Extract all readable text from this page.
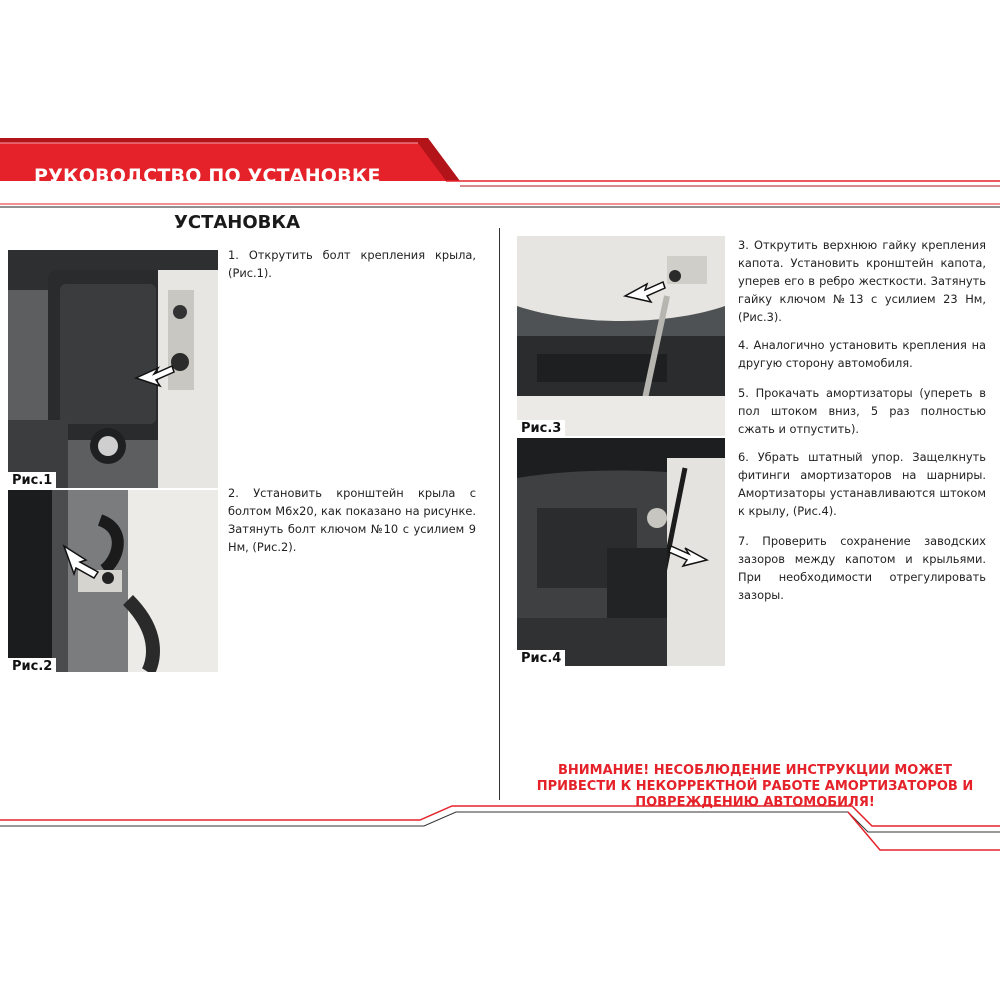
РУКОВОДСТВО ПО УСТАНОВКЕ
УСТАНОВКА
Рис.1
Рис.2
Рис.3
Рис.4
1. Открутить болт крепления крыла, (Рис.1).
2. Установить кронштейн крыла с болтом М6х20, как показано на рисунке. Затянуть болт ключом №10 с усилием 9 Нм, (Рис.2).
3. Открутить верхнюю гайку крепления капота. Установить кронштейн капота, уперев его в ребро жесткости. Затянуть гайку ключом №13 с усилием 23 Нм, (Рис.3).
4. Аналогично установить крепления на другую сторону автомобиля.
5. Прокачать амортизаторы (упереть в пол штоком вниз, 5 раз полностью сжать и отпустить).
6. Убрать штатный упор. Защелкнуть фитинги амортизаторов на шарниры. Амортизаторы устанавливаются штоком к крылу, (Рис.4).
7. Проверить сохранение заводских зазоров между капотом и крыльями. При необходимости отрегулировать зазоры.
ВНИМАНИЕ! НЕСОБЛЮДЕНИЕ ИНСТРУКЦИИ МОЖЕТ ПРИВЕСТИ К НЕКОРРЕКТНОЙ РАБОТЕ АМОРТИЗАТОРОВ И ПОВРЕЖДЕНИЮ АВТОМОБИЛЯ!
